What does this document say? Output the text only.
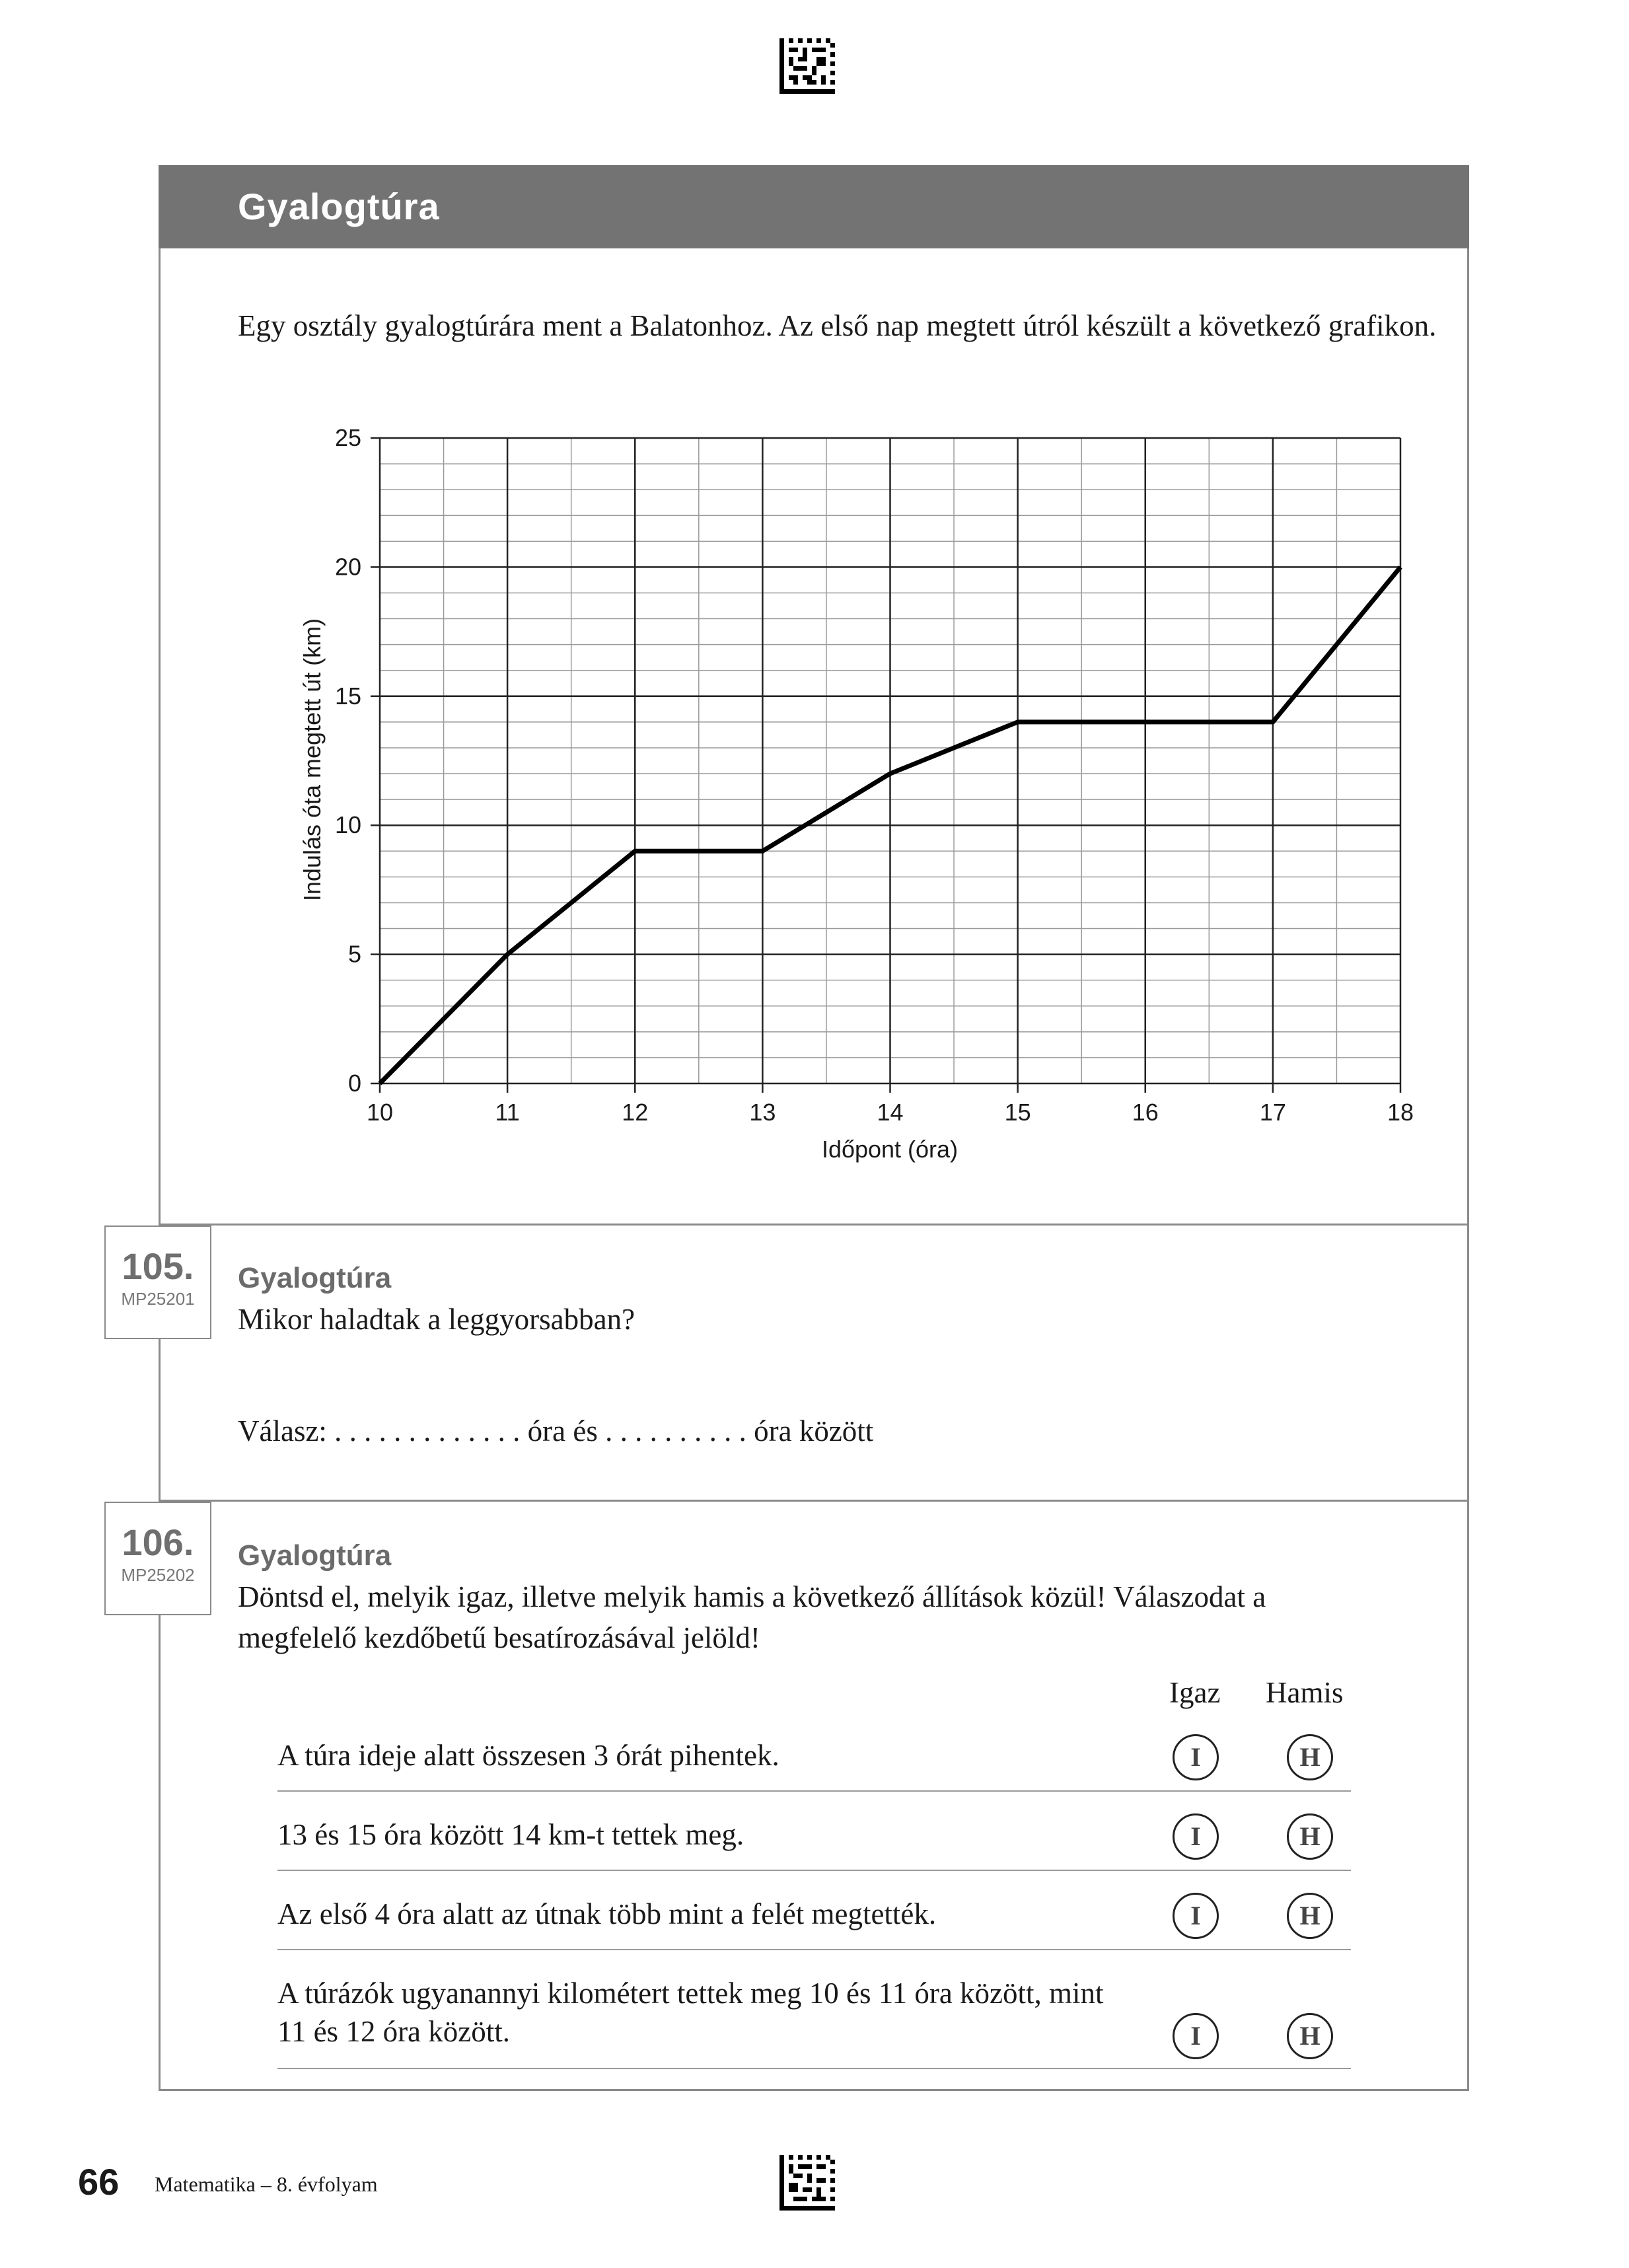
Gyalogtúra
Egy osztály gyalogtúrára ment a Balatonhoz. Az első nap megtett útról készült a következő grafikon.
10	11	12	13	14	15	16	17	18
0
5
10
15
20
25
Időpont (óra)
Indulás óta megtett út (km)
105.
MP25201
Gyalogtúra
Mikor haladtak a leggyorsabban?
Válasz: . . . . . . . . . . . . . óra és . . . . . . . . . . óra között
106.
MP25202
Gyalogtúra
Döntsd el, melyik igaz, illetve melyik hamis a következő állítások közül! Válaszodat a megfelelő kezdőbetű besatírozásával jelöld!
Igaz Hamis
A túra ideje alatt összesen 3 órát pihentek.	I	H
13 és 15 óra között 14 km-t tettek meg.	I	H
Az első 4 óra alatt az útnak több mint a felét megtették.	I	H
A túrázók ugyanannyi kilométert tettek meg 10 és 11 óra között, mint 11 és 12 óra között.	I	H
66 Matematika – 8. évfolyam
